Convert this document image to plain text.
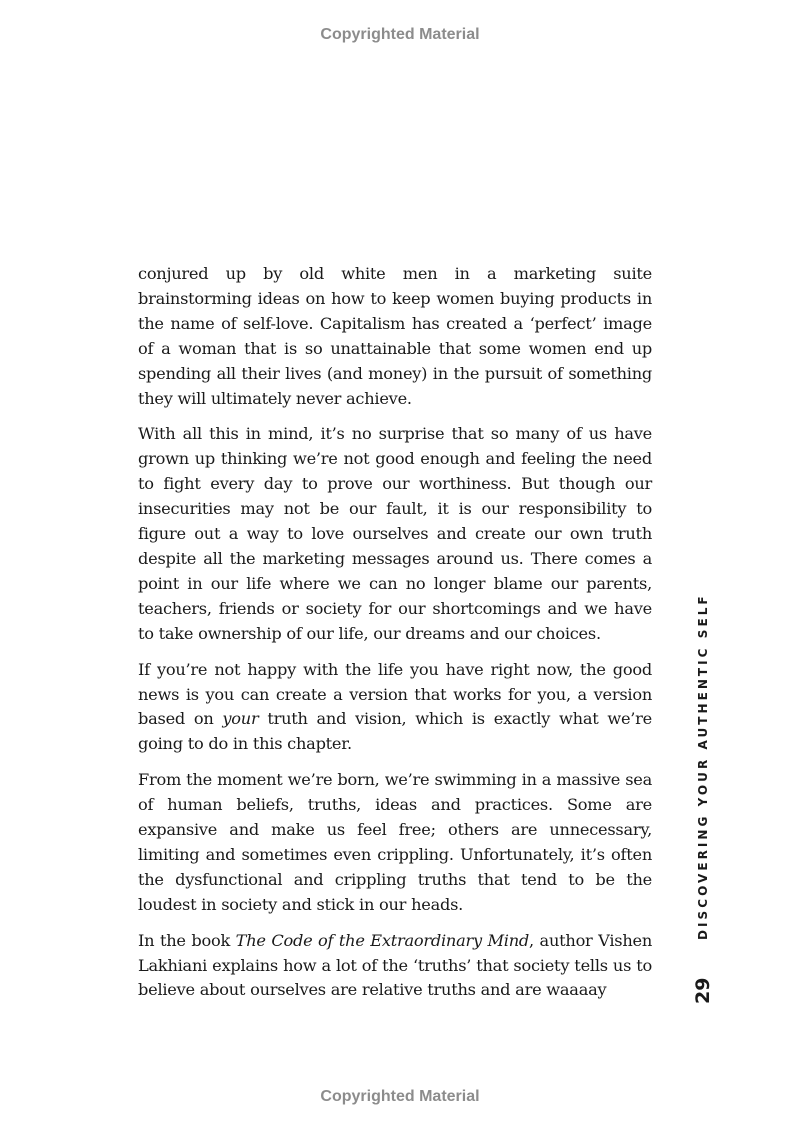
Copyrighted Material

conjured up by old white men in a marketing suite brainstorming ideas on how to keep women buying products in the name of self-love. Capitalism has created a ‘perfect’ image of a woman that is so unattainable that some women end up spending all their lives (and money) in the pursuit of something they will ultimately never achieve.

With all this in mind, it’s no surprise that so many of us have grown up thinking we’re not good enough and feeling the need to fight every day to prove our worthiness. But though our insecurities may not be our fault, it is our responsibility to figure out a way to love ourselves and create our own truth despite all the marketing messages around us. There comes a point in our life where we can no longer blame our parents, teachers, friends or society for our shortcomings and we have to take ownership of our life, our dreams and our choices.

If you’re not happy with the life you have right now, the good news is you can create a version that works for you, a version based on your truth and vision, which is exactly what we’re going to do in this chapter.

From the moment we’re born, we’re swimming in a massive sea of human beliefs, truths, ideas and practices. Some are expansive and make us feel free; others are unnecessary, limiting and sometimes even crippling. Unfortunately, it’s often the dysfunctional and crippling truths that tend to be the loudest in society and stick in our heads.

In the book The Code of the Extraordinary Mind, author Vishen Lakhiani explains how a lot of the ‘truths’ that society tells us to believe about ourselves are relative truths and are waaaay

DISCOVERING YOUR AUTHENTIC SELF
29
Copyrighted Material
